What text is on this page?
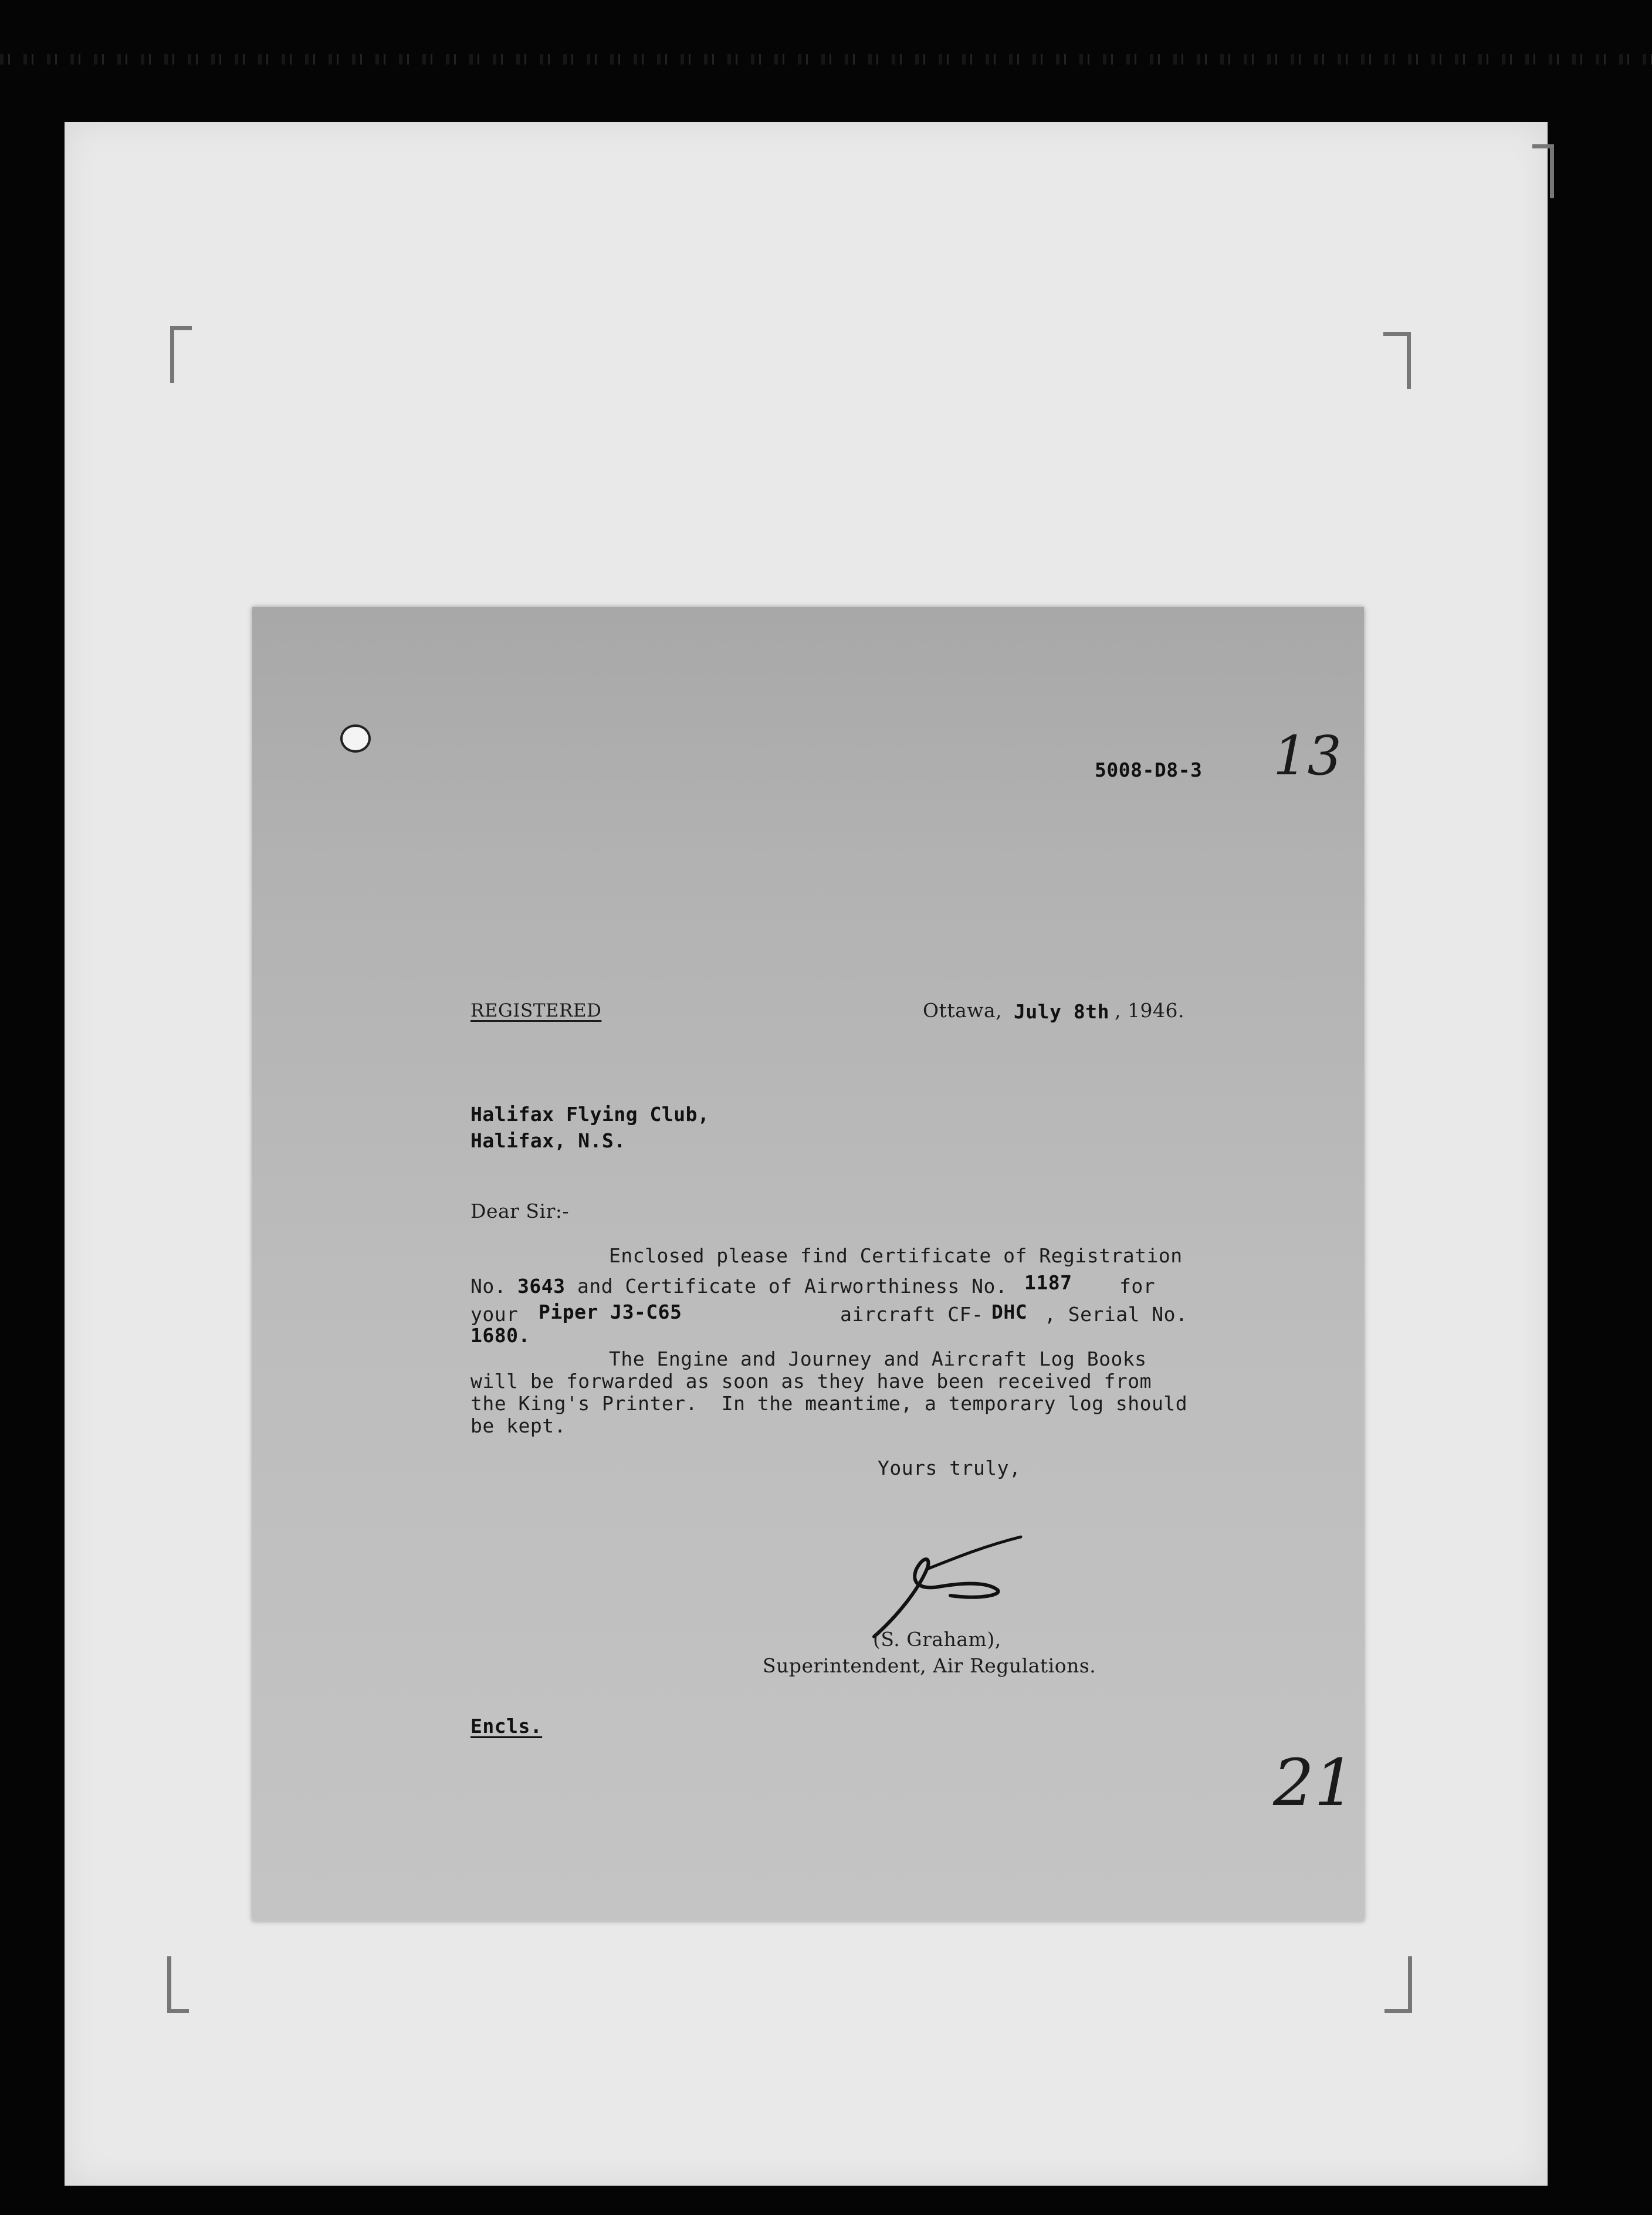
5008-D8-3 13
REGISTERED	Ottawa, July 8th , 1946.
Halifax Flying Club,
Halifax, N.S.
Dear Sir:-
Enclosed please find Certificate of Registration
No. 3643 and Certificate of Airworthiness No. 1187 for
your Piper J3-C65	aircraft CF- DHC , Serial No.
1680.
The Engine and Journey and Aircraft Log Books
will be forwarded as soon as they have been received from
the King's Printer.  In the meantime, a temporary log should
be kept.
Yours truly,
(S. Graham),
Superintendent, Air Regulations.
Encls.
21
